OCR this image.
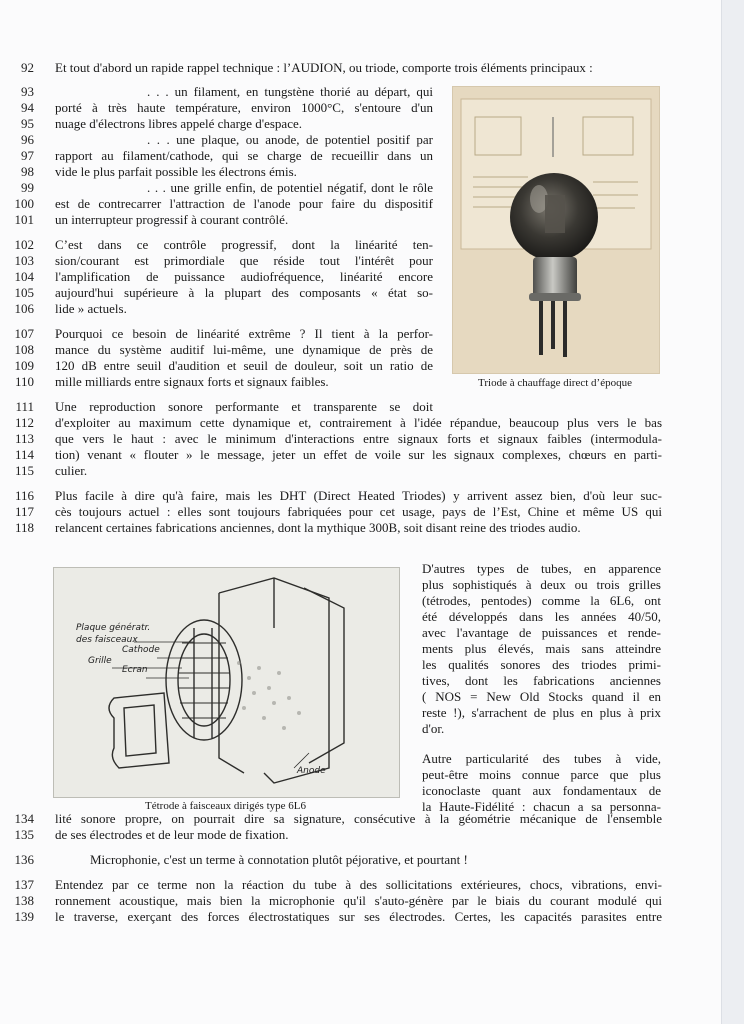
92
93
94
95
96
97
98
99
100
101
102
103
104
105
106
107
108
109
110
111
112
113
114
115
116
117
118
134
135
136
137
138
139
Et tout d'abord un rapide rappel technique : l’AUDION, ou triode, comporte trois éléments principaux :
. . . un filament, en tungstène thorié au départ, qui
porté à très haute température, environ 1000°C, s'entoure d'un
nuage d'électrons libres appelé charge d'espace.
. . . une plaque, ou anode, de potentiel positif par
rapport au filament/cathode, qui se charge de recueillir dans un
vide le plus parfait possible les électrons émis.
. . . une grille enfin, de potentiel négatif, dont le rôle
est de contrecarrer l'attraction de l'anode pour faire du dispositif
un interrupteur progressif à courant contrôlé.
C’est dans ce contrôle progressif, dont la linéarité ten-
sion/courant est primordiale que réside tout l'intérêt pour
l'amplification de puissance audiofréquence, linéarité encore
aujourd'hui supérieure à la plupart des composants « état so-
lide » actuels.
Pourquoi ce besoin de linéarité extrême ? Il tient à la perfor-
mance du système auditif lui-même, une dynamique de près de
120 dB entre seuil d'audition et seuil de douleur, soit un ratio de
mille milliards entre signaux forts et signaux faibles.
Une reproduction sonore performante et transparente se doit
d'exploiter au maximum cette dynamique et, contrairement à l'idée répandue, beaucoup plus vers le bas
que vers le haut : avec le minimum d'interactions entre signaux forts et signaux faibles (intermodula-
tion) venant « flouter » le message, jeter un effet de voile sur les signaux complexes, chœurs en parti-
culier.
Plus facile à dire qu'à faire, mais les DHT (Direct Heated Triodes) y arrivent assez bien, d'où leur suc-
cès toujours actuel : elles sont toujours fabriquées pour cet usage, pays de l’Est, Chine et même US qui
relancent certaines fabrications anciennes, dont la mythique 300B, soit disant reine des triodes audio.
D'autres types de tubes, en apparence
plus sophistiqués à deux ou trois grilles
(tétrodes, pentodes) comme la 6L6, ont
été développés dans les années 40/50,
avec l'avantage de puissances et rende-
ments plus élevés, mais sans atteindre
les qualités sonores des triodes primi-
tives, dont les fabrications anciennes
( NOS = New Old Stocks quand il en
reste !), s'arrachent de plus en plus à prix
d'or.
Autre particularité des tubes à vide,
peut-être moins connue parce que plus
iconoclaste quant aux fondamentaux de
la Haute-Fidélité : chacun a sa personna-
lité sonore propre, on pourrait dire sa signature, consécutive à la géométrie mécanique de l'ensemble
de ses électrodes et de leur mode de fixation.
Microphonie, c'est un terme à connotation plutôt péjorative, et pourtant !
Entendez par ce terme non la réaction du tube à des sollicitations extérieures, chocs, vibrations, envi-
ronnement acoustique, mais bien la microphonie qu'il s'auto-génère par le biais du courant modulé qui
le traverse, exerçant des forces électrostatiques sur ses électrodes. Certes, les capacités parasites entre
Triode à chauffage direct d’époque
Plaque génératr.
des faisceaux
Cathode
Grille
Ecran
Anode
Tétrode à faisceaux dirigés type 6L6
